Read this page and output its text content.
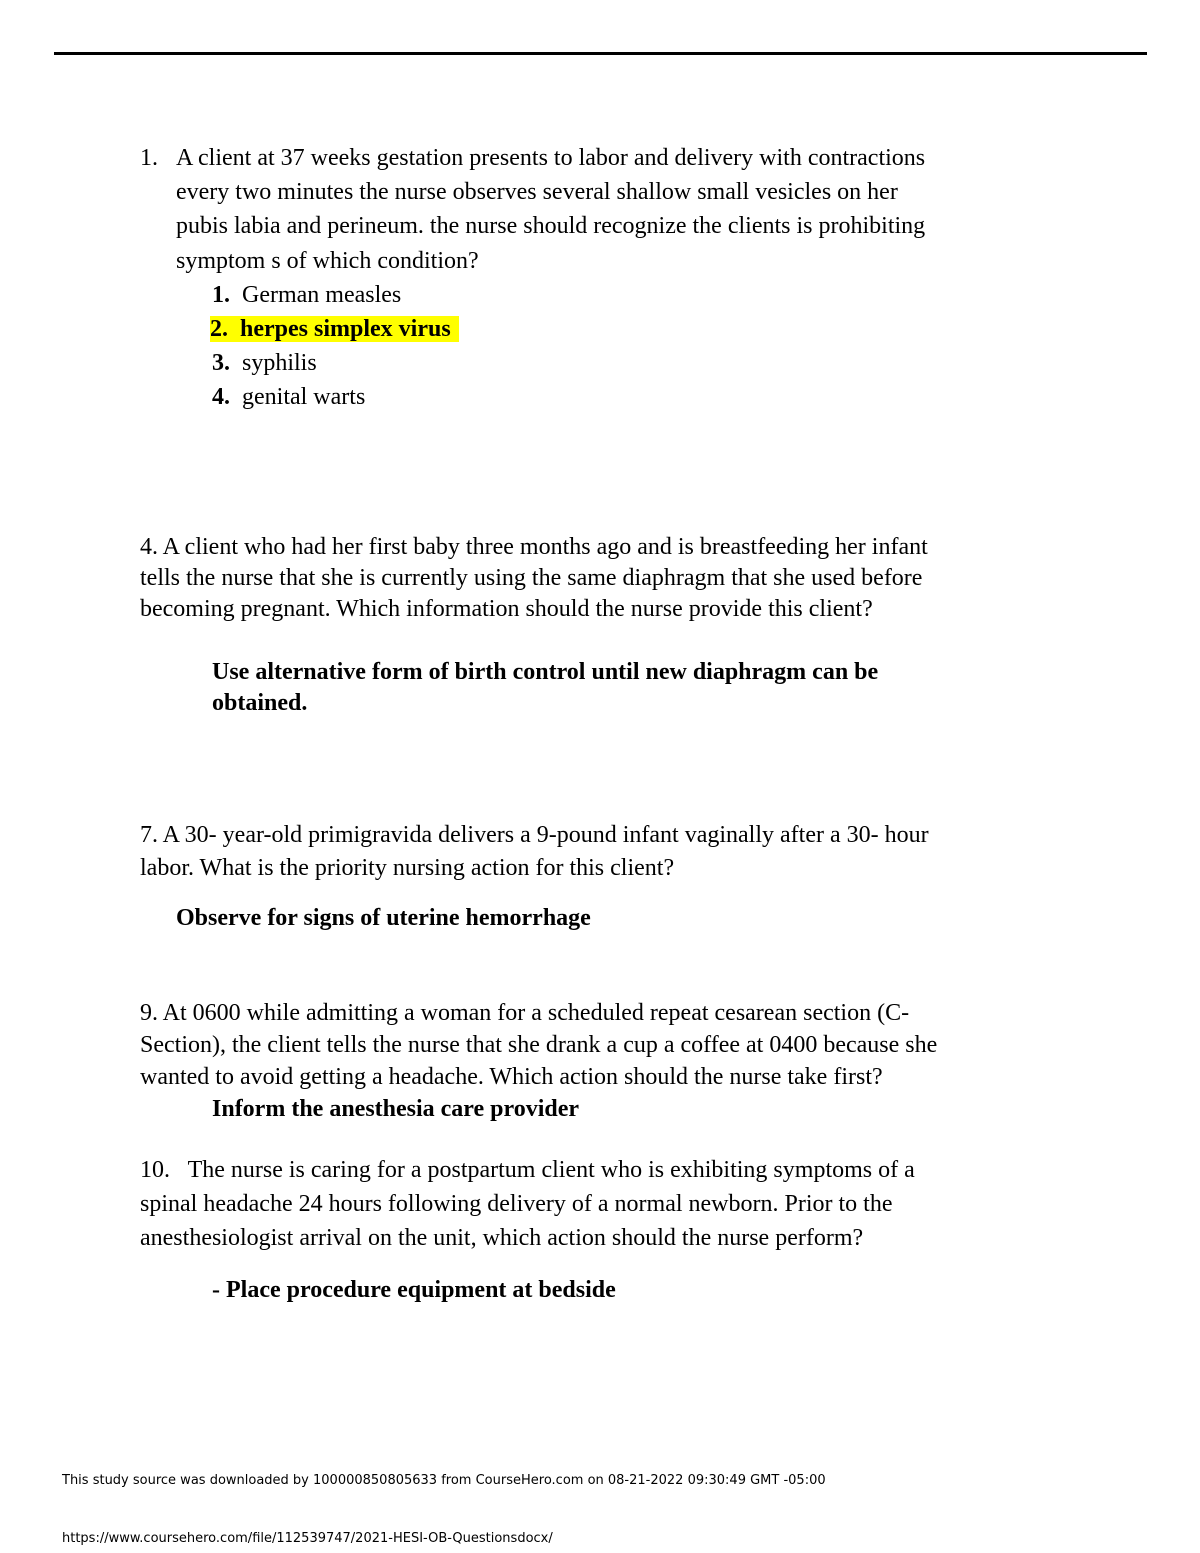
1. A client at 37 weeks gestation presents to labor and delivery with contractions
every two minutes the nurse observes several shallow small vesicles on her
pubis labia and perineum. the nurse should recognize the clients is prohibiting
symptom s of which condition?
1. German measles
2. herpes simplex virus
3. syphilis
4. genital warts
4. A client who had her first baby three months ago and is breastfeeding her infant
tells the nurse that she is currently using the same diaphragm that she used before
becoming pregnant. Which information should the nurse provide this client?
Use alternative form of birth control until new diaphragm can be
obtained.
7. A 30- year-old primigravida delivers a 9-pound infant vaginally after a 30- hour
labor. What is the priority nursing action for this client?
Observe for signs of uterine hemorrhage
9. At 0600 while admitting a woman for a scheduled repeat cesarean section (C-
Section), the client tells the nurse that she drank a cup a coffee at 0400 because she
wanted to avoid getting a headache. Which action should the nurse take first?
Inform the anesthesia care provider
10.   The nurse is caring for a postpartum client who is exhibiting symptoms of a
spinal headache 24 hours following delivery of a normal newborn. Prior to the
anesthesiologist arrival on the unit, which action should the nurse perform?
- Place procedure equipment at bedside
This study source was downloaded by 100000850805633 from CourseHero.com on 08-21-2022 09:30:49 GMT -05:00
https://www.coursehero.com/file/112539747/2021-HESI-OB-Questionsdocx/
